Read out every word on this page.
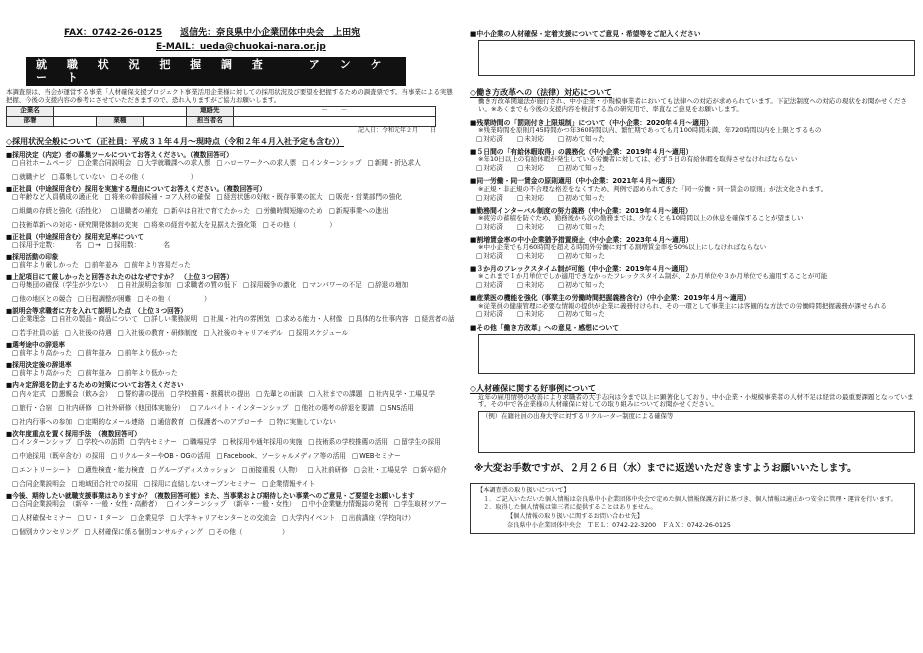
FAX：0742-26-0125 返信先：奈良県中小企業団体中央会　上田宛
E-MAIL：ueda@chuokai-nara.or.jp
就 職 状 況 把 握 調 査　　ア ン ケ ー ト
本調査票は、当会が運営する事業「人材確保支援プロジェクト事業活用企業様に対しての採用状況及び要望を把握するための調査票です。当事業による実態把握、今後の支援内容の参考にさせていただきますので、恐れ入りますがご協力お願いします。
企業名				連絡先	－　　－
部署		業種		担当者名	
記入日：令和元年２月　　日
◇採用状況全般について（正社員：平成３１年４月～現時点（令和２年４月入社予定も含む））
■採用決定（内定）者の募集ツールについてお答えください。（複数回答可）
□ 自社ホームページ	□ 企業合同説明会	□ 大学就職課への求人票	□ ハローワークへの求人票	□ インターンシップ	□ 新聞・折込求人
□ 就職ナビ	□ 募集していない	□ その他（　　　　　　　）
■正社員（中途採用含む）採用を実施する理由についてお答えください。（複数回答可）
□ 年齢など人員構成の適正化	□ 将来の幹部候補・コア人材の確保	□ 経営状態の好転・既存事業の拡大	□ 販売・営業部門の強化
□ 組織の存続と強化（活性化）	□ 退職者の補充	□ 新卒は自社で育てたかった	□ 労働時間短縮のため	□ 新規事業への進出
□ 技術革新への対応・研究開発体制の充実	□ 将来の経営や拡大を見据えた強化策	□ その他（　　　　　）
■正社員（中途採用含む）採用充足率について
□ 採用予定数：　　　名	□ →	□ 採用数：　　　　名
■採用活動の印象
□ 前年より厳しかった	□ 前年並み	□ 前年より容易だった
■上記項目にて厳しかったと回答されたのはなぜですか？　（上位３つ回答）
□ 母集団の確保（学生が少ない）	□ 自社説明会参加	□ 求職者の質の低下	□ 採用競争の激化	□ マンパワーの不足	□ 辞退の増加
□ 他の地区との競合	□ 日程調整が困難	□ その他（　　　　　）
■説明会等求職者に方を入れて説明した点　（上位３つ回答）
□ 企業理念	□ 自社の製品・商品について	□ 詳しい業務説明	□ 社風・社内の雰囲気	□ 求める能力・人材像	□ 具体的な仕事内容	□ 経営者の話
□ 若手社員の話	□ 入社後の待遇	□ 入社後の教育・研修制度	□ 入社後のキャリアモデル	□ 採用スケジュール
■選考途中の辞退率
□ 前年より高かった	□ 前年並み	□ 前年より低かった
■採用決定後の辞退率
□ 前年より高かった	□ 前年並み	□ 前年より低かった
■内々定辞退を防止するための対策についてお答えください
□ 内々定式	□ 懇親会（飲み会）	□ 誓約書の提出	□ 学校推薦・推薦状の提出	□ 先輩との面談	□ 入社までの課題	□ 社内見学・工場見学
□ 旅行・合宿	□ 社内研修	□ 社外研修（他団体実施分）	□ アルバイト・インターンシップ	□ 他社の選考の辞退を要請	□ SNS活用
□ 社内行事への参加	□ 定期的なメール連絡	□ 通信教育	□ 保護者へのアプローチ	□ 特に実施していない
■次年度重点を置く採用手法　（複数回答可）
□ インターンシップ	□ 学校への訪問	□ 学内セミナー	□ 職場見学	□ 秋採用や通年採用の実施	□ 技術系の学校推薦の活用	□ 留学生の採用
□ 中途採用（既卒含む）の採用	□ リクルーターやOB・OGの活用	□ Facebook、ソーシャルメディア等の活用	□ WEBセミナー
□ エントリーシート	□ 適性検査・能力検査	□ グループディスカッション	□ 面接重視（人物）	□ 入社前研修	□ 会社・工場見学	□ 新卒紹介
□ 合同企業説明会	□ 地域団合社での採用	□ 採用に直結しないオープンセミナー	□ 企業情報サイト
■今後、期待したい就職支援事業はありますか？（複数回答可能）また、当事業および期待したい事業へのご意見・ご要望をお願いします
□ 合同企業説明会　（新卒・一般・女性・高齢者）	□ インターンシップ　（新卒・一般・女性）	□ 中小企業魅力情報誌の発刊	□ 学生取材ツアー
□ 人材確保セミナー	□ Ｕ・Ｉターン	□ 企業見学	□ 大学キャリアセンターとの交流会	□ 大学内イベント	□ 出前講座（学校向け）
□ 個別カウンセリング	□ 人材確保に係る個別コンサルティング	□ その他（　　　　　　）
■中小企業の人材確保・定着支援についてご意見・希望等をご記入ください
◇働き方改革への（法律）対応について
働き方改革関連法が施行され、中小企業・小規模事業者においても法律への対応が求められています。下記法制度への対応の現状をお聞かせください。※あくまでも今後の支援内容を検討する為の研究用で、率直なご意見をお願いします。
■残業時間の「罰則付き上限規制」について（中小企業：2020年４月～適用）
※残業時間を原則月45時間かつ年360時間以内、繁忙期であっても月100時間未満、年720時間以内を上限とするもの
□ 対応済	□ 未対応	□ 初めて知った
■５日間の「有給休暇取得」の義務化（中小企業：2019年４月～適用）
※年10日以上の有給休暇が発生している労働者に対しては、必ず５日の有給休暇を取得させなければならない
□ 対応済	□ 未対応	□ 初めて知った
■同一労働・同一賃金の原則適用（中小企業：2021年４月～適用）
※正規・非正規の不合理な格差をなくすため、判例で認められてきた「同一労働・同一賃金の原則」が法文化されます。
□ 対応済	□ 未対応	□ 初めて知った
■勤務間インターバル制度の努力義務（中小企業：2019年４月～適用）
※疲労の蓄積を防ぐため、勤務後から次の勤務までは、少なくとも10時間以上の休息を確保することが望ましい
□ 対応済	□ 未対応	□ 初めて知った
■割増賃金率の中小企業猶予措置廃止（中小企業：2023年４月～適用）
※中小企業でも月60時間を超える時間外労働に対する割増賃金率を50%以上にしなければならない
□ 対応済	□ 未対応	□ 初めて知った
■３か月のフレックスタイム制が可能（中小企業：2019年４月～適用）
※これまで１か月単位でしか適用できなかったフレックスタイム制が、２か月単位や３か月単位でも適用することが可能
□ 対応済	□ 未対応	□ 初めて知った
■産業医の機能を強化（事業主の労働時間把握義務含む）（中小企業：2019年４月～適用）
※従業員の健康管理に必要な情報の提供が企業に義務付けられ、その一環として事業主には客観的な方法での労働時間把握義務が課せられる
□ 対応済	□ 未対応	□ 初めて知った
■その他「働き方改革」への意見・感想について
◇人材確保に関する好事例について
近年の雇用情勢の改善により求職者の大手志向は今まで以上に顕著化しており、中小企業・小規模事業者の人材不足は経営の最重要課題となっています。その中で各企業様の人材確保に対しての取り組みについてお聞かせください。
（例）在籍社員の出身大学に対するリクルーター制度による確保等
※大変お手数ですが、２月２６日（水）までに返送いただきますようお願いいたします。
【本調査票の取り扱いについて】
１．ご記入いただいた個人情報は奈良県中小企業団体中央会で定めた個人情報保護方針に基づき、個人情報は適正かつ安全に管理・運営を行います。
２．取得した個人情報は第三者に提供することはありません。
【個人情報の取り扱いに関するお問い合わせ先】
奈良県中小企業団体中央会　ＴＥＬ：0742-22-3200　ＦＡＸ：0742-26-0125
